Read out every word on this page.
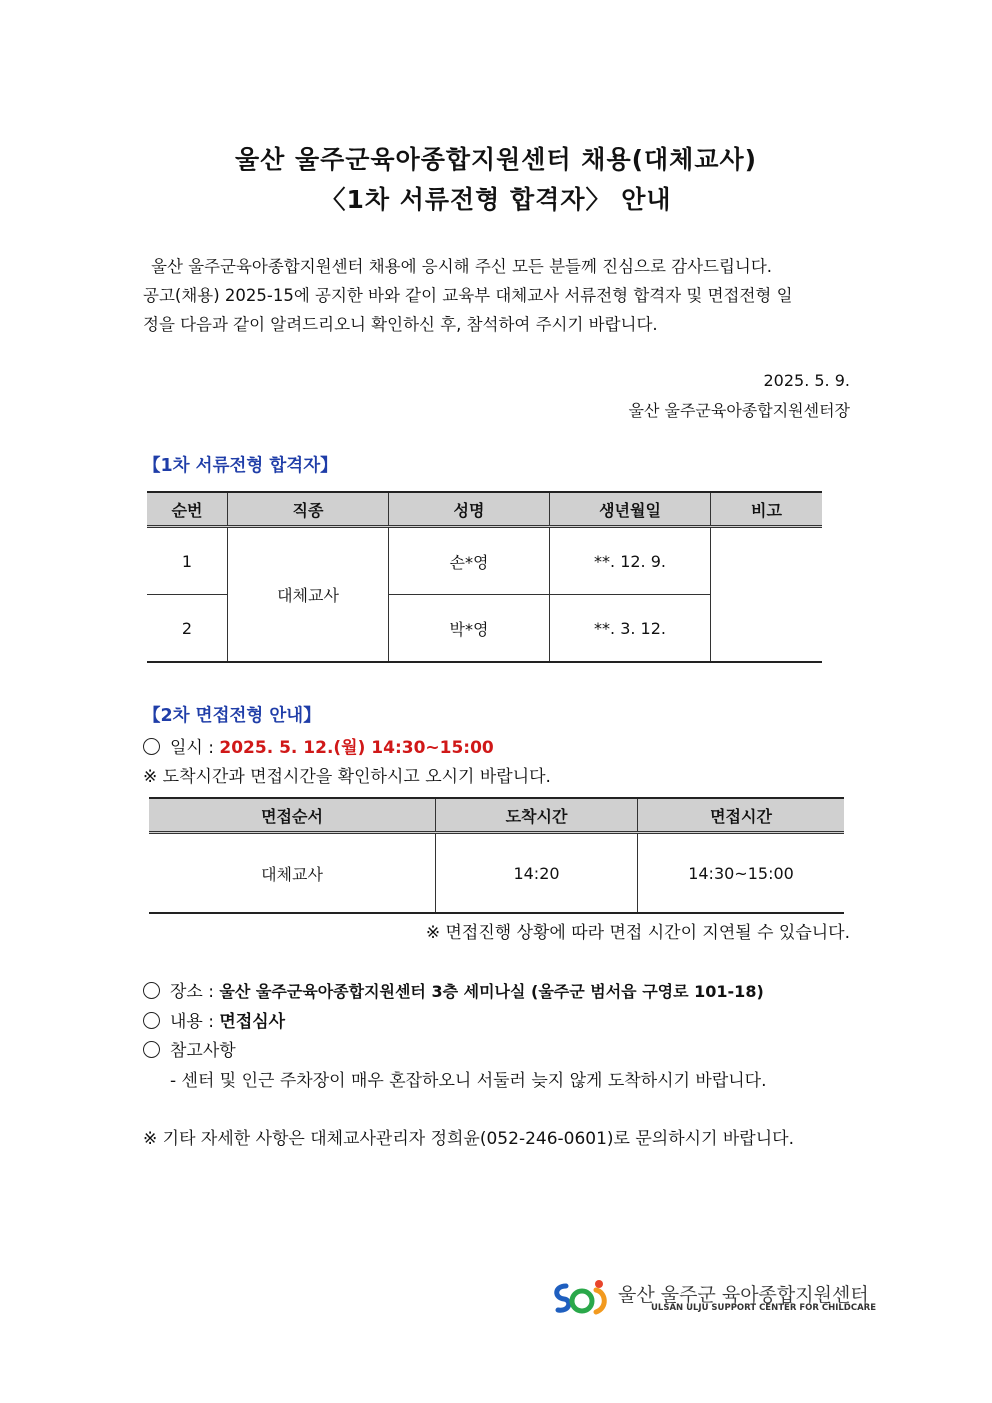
울산 울주군육아종합지원센터 채용(대체교사)
〈1차 서류전형 합격자〉 안내

울산 울주군육아종합지원센터 채용에 응시해 주신 모든 분들께 진심으로 감사드립니다.

공고(채용) 2025-15에 공지한 바와 같이 교육부 대체교사 서류전형 합격자 및 면접전형 일

정을 다음과 같이 알려드리오니 확인하신 후, 참석하여 주시기 바랍니다.

2025. 5. 9.
울산 울주군육아종합지원센터장
【1차 서류전형 합격자】
순번	직종	성명	생년월일	비고
1	대체교사	손*영	**. 12. 9.	
2		박*영	**. 3. 12.	
【2차 면접전형 안내】
일시 : 2025. 5. 12.(월) 14:30~15:00
※ 도착시간과 면접시간을 확인하시고 오시기 바랍니다.
면접순서	도착시간	면접시간
대체교사	14:20	14:30~15:00
※ 면접진행 상황에 따라 면접 시간이 지연될 수 있습니다.
장소 : 울산 울주군육아종합지원센터 3층 세미나실 (울주군 범서읍 구영로 101-18)
내용 : 면접심사
참고사항
- 센터 및 인근 주차장이 매우 혼잡하오니 서둘러 늦지 않게 도착하시기 바랍니다.
※ 기타 자세한 사항은 대체교사관리자 정희윤(052-246-0601)로 문의하시기 바랍니다.
울산 울주군 육아종합지원센터
ULSAN ULJU SUPPORT CENTER FOR CHILDCARE
